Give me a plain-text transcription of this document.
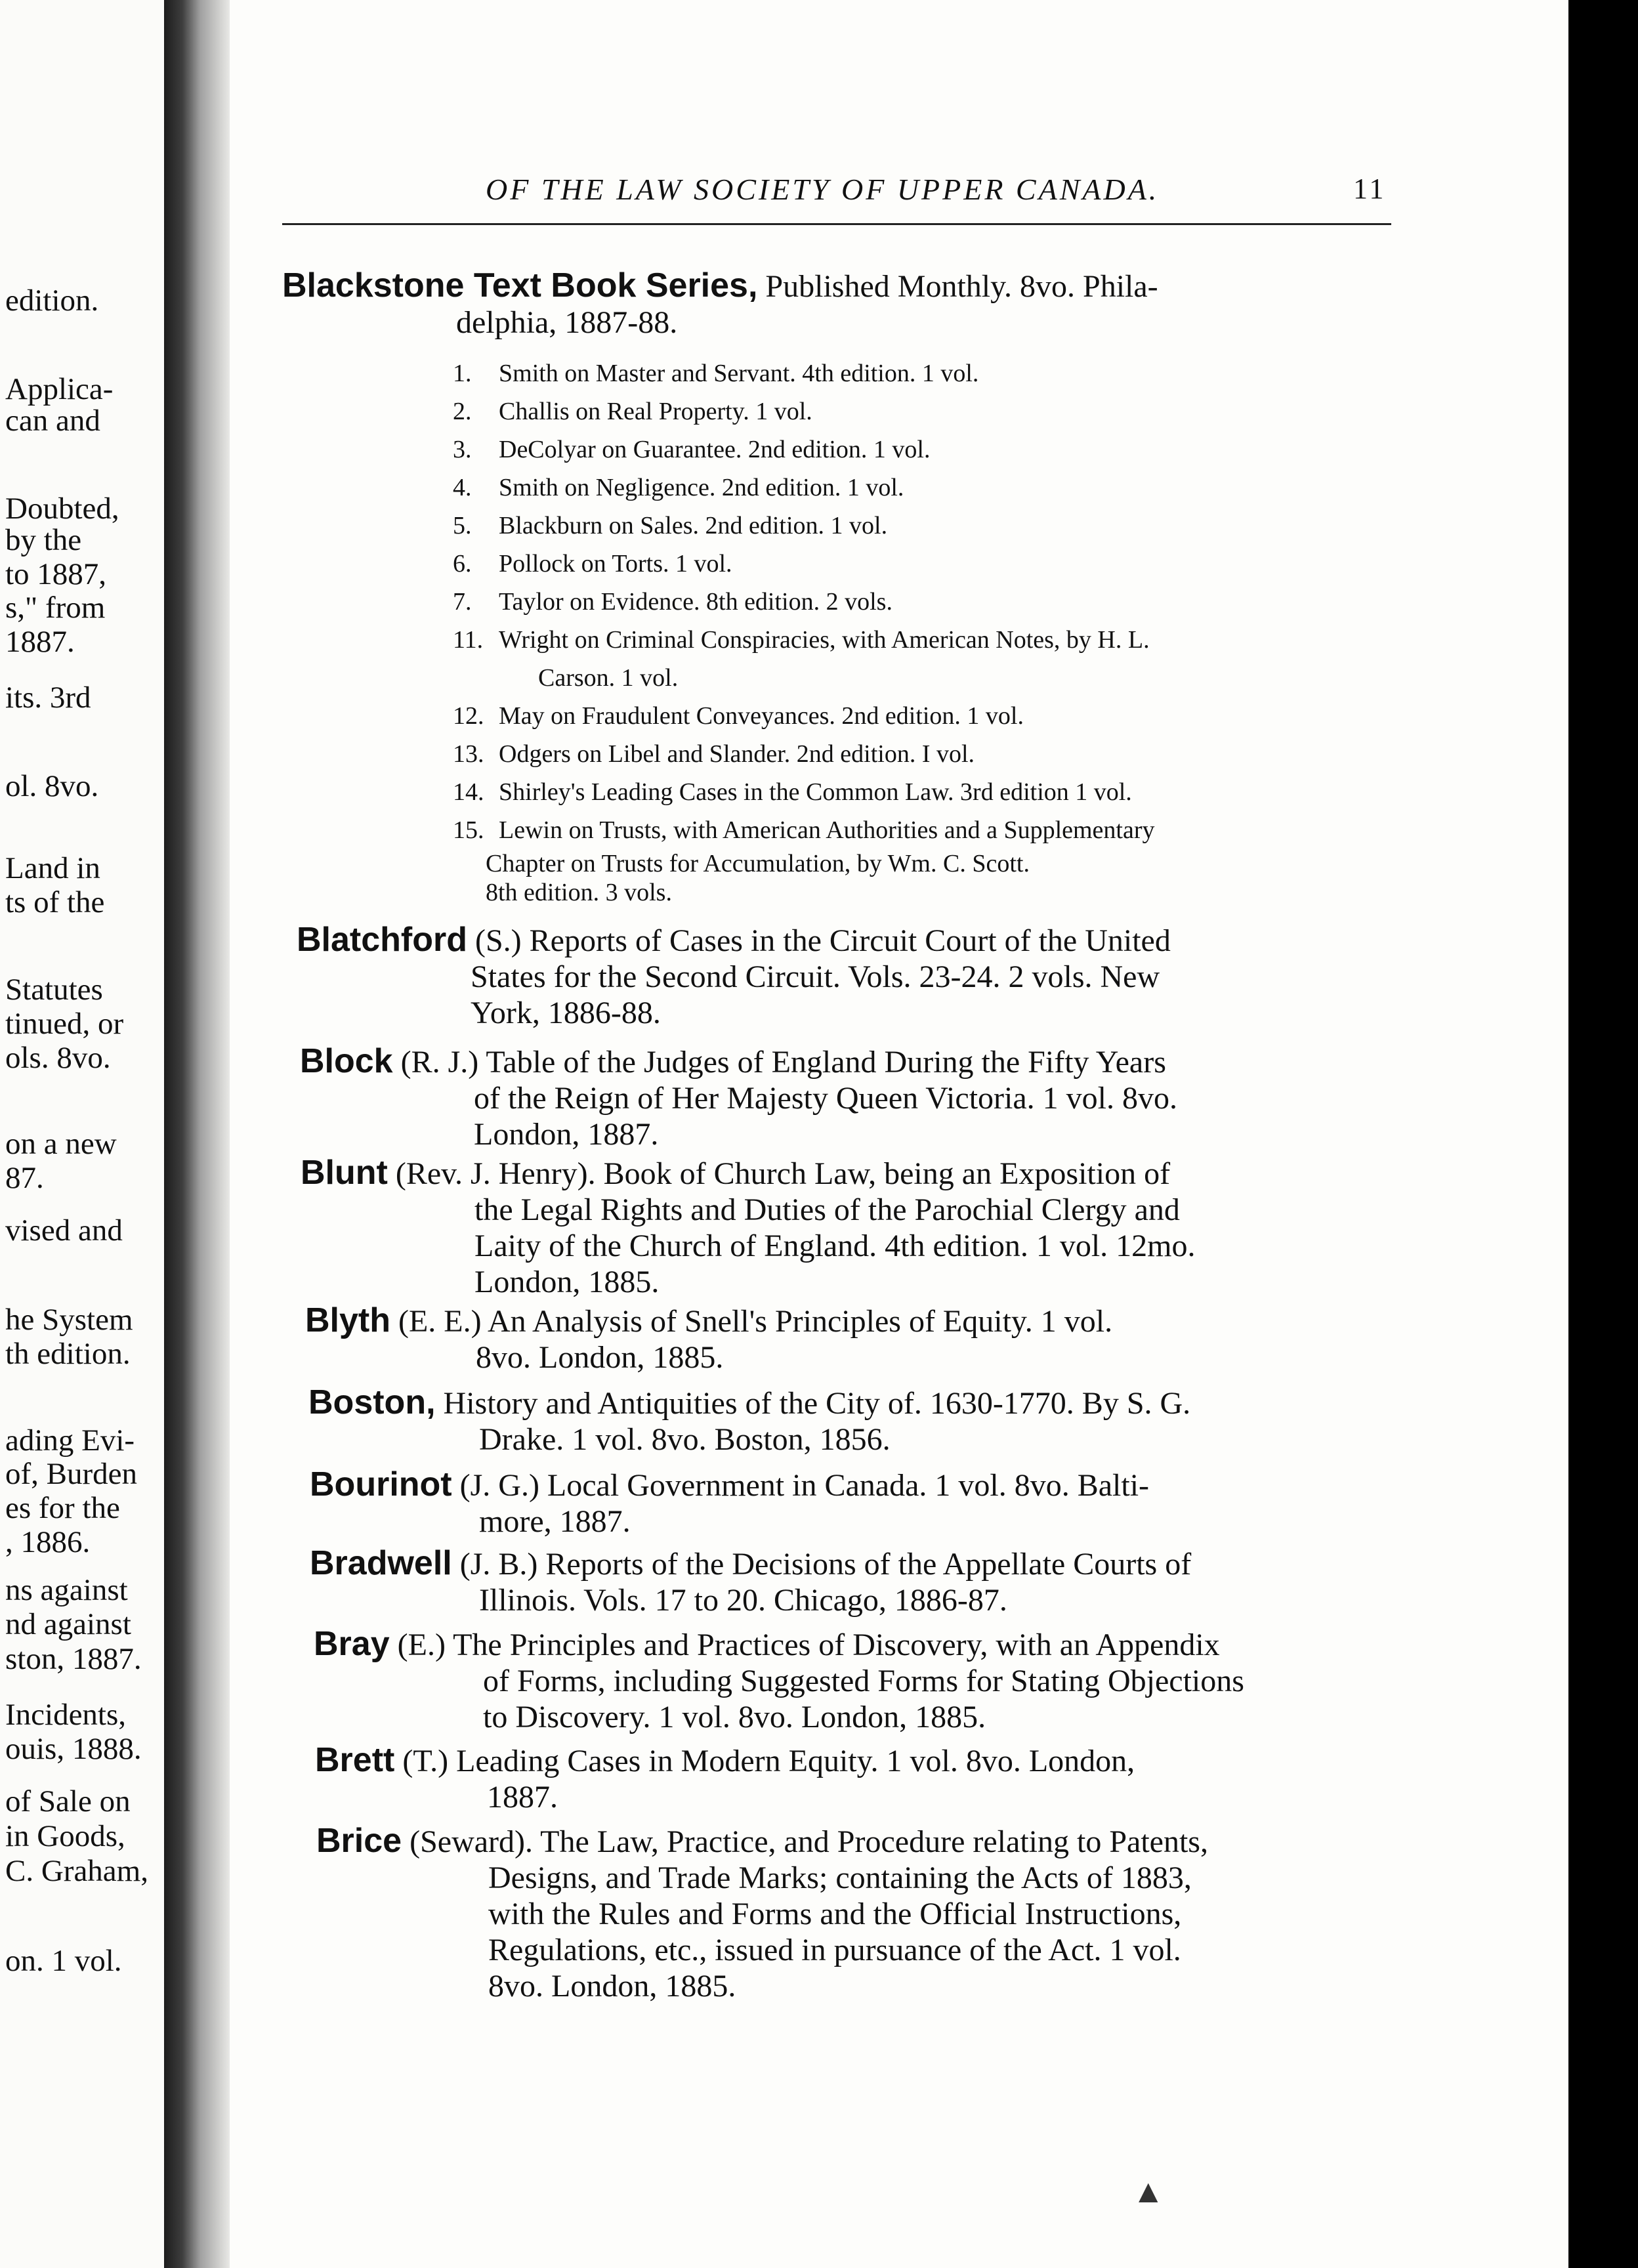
edition.
Applica-
can and
Doubted,
by the
to 1887,
s," from
1887.
its. 3rd
ol. 8vo.
Land in
ts of the
Statutes
tinued, or
ols. 8vo.
on a new
87.
vised and
he System
th edition.
ading Evi-
of, Burden
es for the
, 1886.
ns against
nd against
ston, 1887.
Incidents,
ouis, 1888.
of Sale on
in Goods,
C. Graham,
on. 1 vol.
OF THE LAW SOCIETY OF UPPER CANADA.	11
Blackstone Text Book Series, Published Monthly. 8vo. Phila-
delphia, 1887-88.
1. Smith on Master and Servant. 4th edition. 1 vol.
2. Challis on Real Property. 1 vol.
3. DeColyar on Guarantee. 2nd edition. 1 vol.
4. Smith on Negligence. 2nd edition. 1 vol.
5. Blackburn on Sales. 2nd edition. 1 vol.
6. Pollock on Torts. 1 vol.
7. Taylor on Evidence. 8th edition. 2 vols.
11. Wright on Criminal Conspiracies, with American Notes, by H. L.
Carson. 1 vol.
12. May on Fraudulent Conveyances. 2nd edition. 1 vol.
13. Odgers on Libel and Slander. 2nd edition. I vol.
14. Shirley's Leading Cases in the Common Law. 3rd edition 1 vol.
15. Lewin on Trusts, with American Authorities and a Supplementary
Chapter on Trusts for Accumulation, by Wm. C. Scott.
8th edition. 3 vols.
Blatchford (S.) Reports of Cases in the Circuit Court of the United
States for the Second Circuit. Vols. 23-24. 2 vols. New
York, 1886-88.
Block (R. J.) Table of the Judges of England During the Fifty Years
of the Reign of Her Majesty Queen Victoria. 1 vol. 8vo.
London, 1887.
Blunt (Rev. J. Henry). Book of Church Law, being an Exposition of
the Legal Rights and Duties of the Parochial Clergy and
Laity of the Church of England. 4th edition. 1 vol. 12mo.
London, 1885.
Blyth (E. E.) An Analysis of Snell's Principles of Equity. 1 vol.
8vo. London, 1885.
Boston, History and Antiquities of the City of. 1630-1770. By S. G.
Drake. 1 vol. 8vo. Boston, 1856.
Bourinot (J. G.) Local Government in Canada. 1 vol. 8vo. Balti-
more, 1887.
Bradwell (J. B.) Reports of the Decisions of the Appellate Courts of
Illinois. Vols. 17 to 20. Chicago, 1886-87.
Bray (E.) The Principles and Practices of Discovery, with an Appendix
of Forms, including Suggested Forms for Stating Objections
to Discovery. 1 vol. 8vo. London, 1885.
Brett (T.) Leading Cases in Modern Equity. 1 vol. 8vo. London,
1887.
Brice (Seward). The Law, Practice, and Procedure relating to Patents,
Designs, and Trade Marks; containing the Acts of 1883,
with the Rules and Forms and the Official Instructions,
Regulations, etc., issued in pursuance of the Act. 1 vol.
8vo. London, 1885.
▲
